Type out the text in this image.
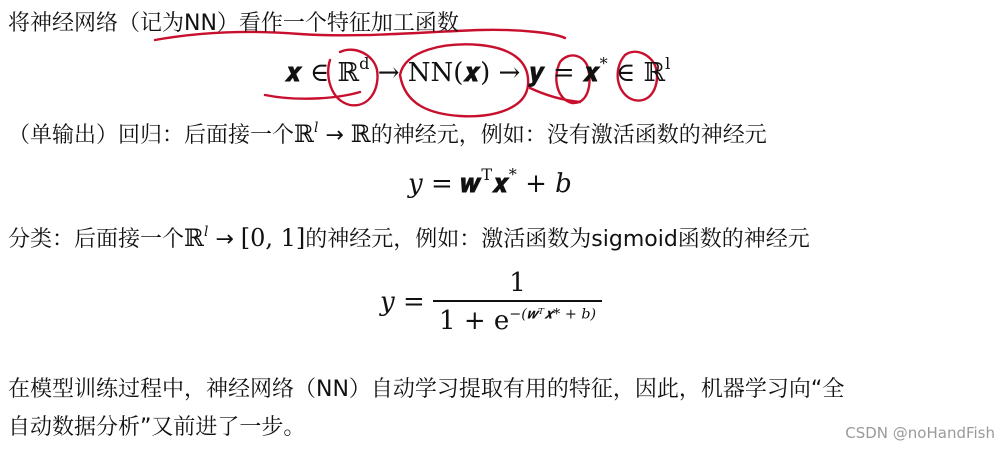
将神经网络（记为NN）看作一个特征加工函数
𝒙 ∈ ℝ$^d$ → NN(𝒙) → 𝒚 = 𝒙* ∈ ℝ$^l$
（单输出）回归：后面接一个ℝ$^l$ → ℝ的神经元，例如：没有激活函数的神经元
y = 𝒘$^T$𝒙* + b
分类：后面接一个ℝ$^l$ → [0, 1]的神经元，例如：激活函数为sigmoid函数的神经元
$y = \frac{1}{1 + e^{-(𝒘ᵀ𝒙* + b)}}$
在模型训练过程中，神经网络（NN）自动学习提取有用的特征，因此，机器学习向“全
自动数据分析”又前进了一步。	CSDN @noHandFish
